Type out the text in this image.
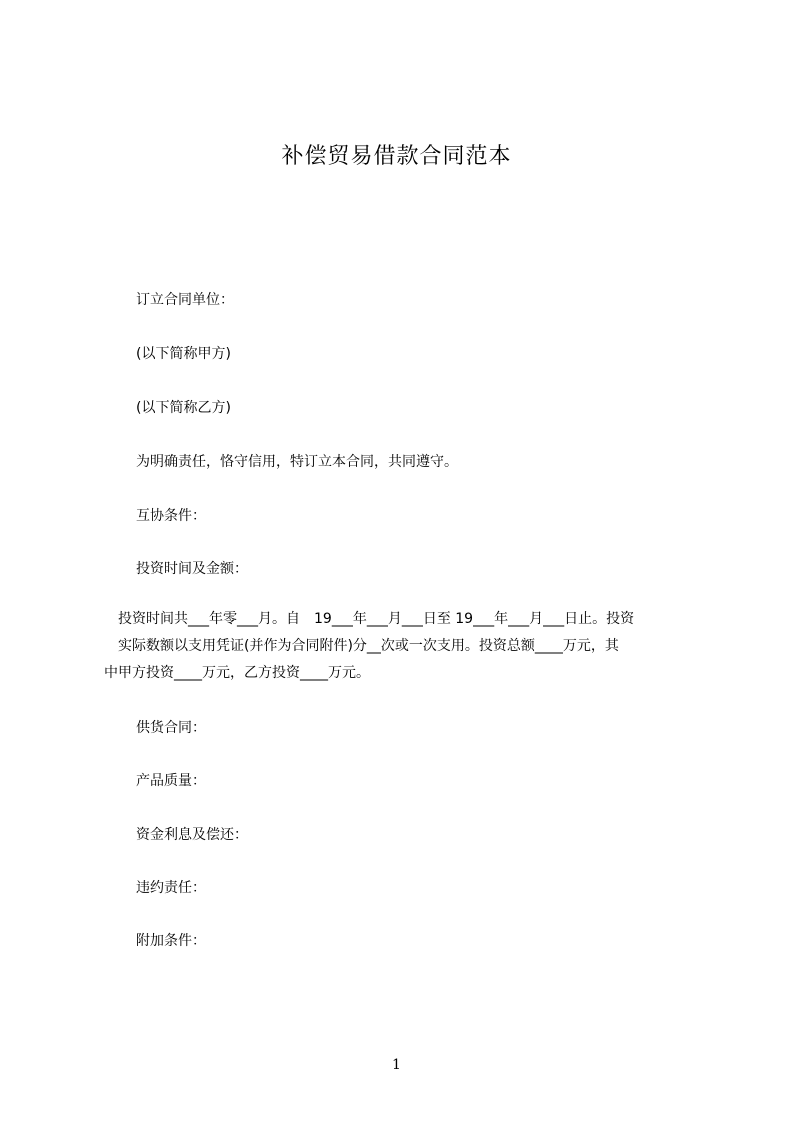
补偿贸易借款合同范本
订立合同单位：
(以下简称甲方)
(以下简称乙方)
为明确责任，恪守信用，特订立本合同，共同遵守。
互协条件：
投资时间及金额：
　投资时间共___年零___月。自　19___年___月___日至 19___年___月___日止。投资
　实际数额以支用凭证(并作为合同附件)分__次或一次支用。投资总额____万元，其
中甲方投资____万元，乙方投资____万元。
供货合同：
产品质量：
资金利息及偿还：
违约责任：
附加条件：
1
